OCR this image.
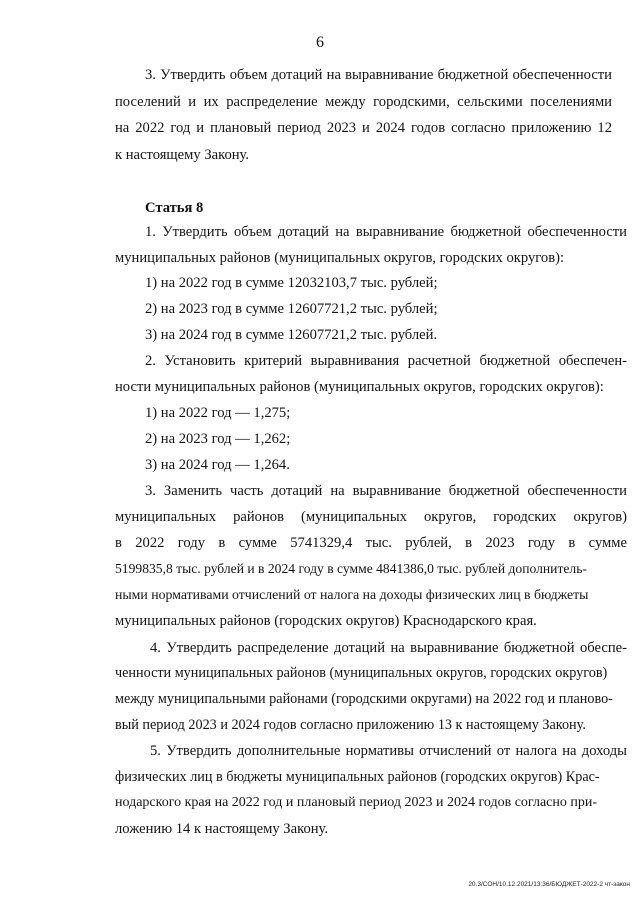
6
3. Утвердить объем дотаций на выравнивание бюджетной обеспеченности
поселений и их распределение между городскими, сельскими поселениями
на 2022 год и плановый период 2023 и 2024 годов согласно приложению 12
к настоящему Закону.
Статья 8
1. Утвердить объем дотаций на выравнивание бюджетной обеспеченности
муниципальных районов (муниципальных округов, городских округов):
1) на 2022 год в сумме 12032103,7 тыс. рублей;
2) на 2023 год в сумме 12607721,2 тыс. рублей;
3) на 2024 год в сумме 12607721,2 тыс. рублей.
2. Установить критерий выравнивания расчетной бюджетной обеспечен-
ности муниципальных районов (муниципальных округов, городских округов):
1) на 2022 год — 1,275;
2) на 2023 год — 1,262;
3) на 2024 год — 1,264.
3. Заменить часть дотаций на выравнивание бюджетной обеспеченности
муниципальных районов (муниципальных округов, городских округов)
в 2022 году в сумме 5741329,4 тыс. рублей, в 2023 году в сумме
5199835,8 тыс. рублей и в 2024 году в сумме 4841386,0 тыс. рублей дополнитель-
ными нормативами отчислений от налога на доходы физических лиц в бюджеты
муниципальных районов (городских округов) Краснодарского края.
4. Утвердить распределение дотаций на выравнивание бюджетной обеспе-
ченности муниципальных районов (муниципальных округов, городских округов)
между муниципальными районами (городскими округами) на 2022 год и планово-
вый период 2023 и 2024 годов согласно приложению 13 к настоящему Закону.
5. Утвердить дополнительные нормативы отчислений от налога на доходы
физических лиц в бюджеты муниципальных районов (городских округов) Крас-
нодарского края на 2022 год и плановый период 2023 и 2024 годов согласно при-
ложению 14 к настоящему Закону.
20.3/СОН/10.12.2021/13:36/БЮДЖЕТ-2022-2 чт-закон
